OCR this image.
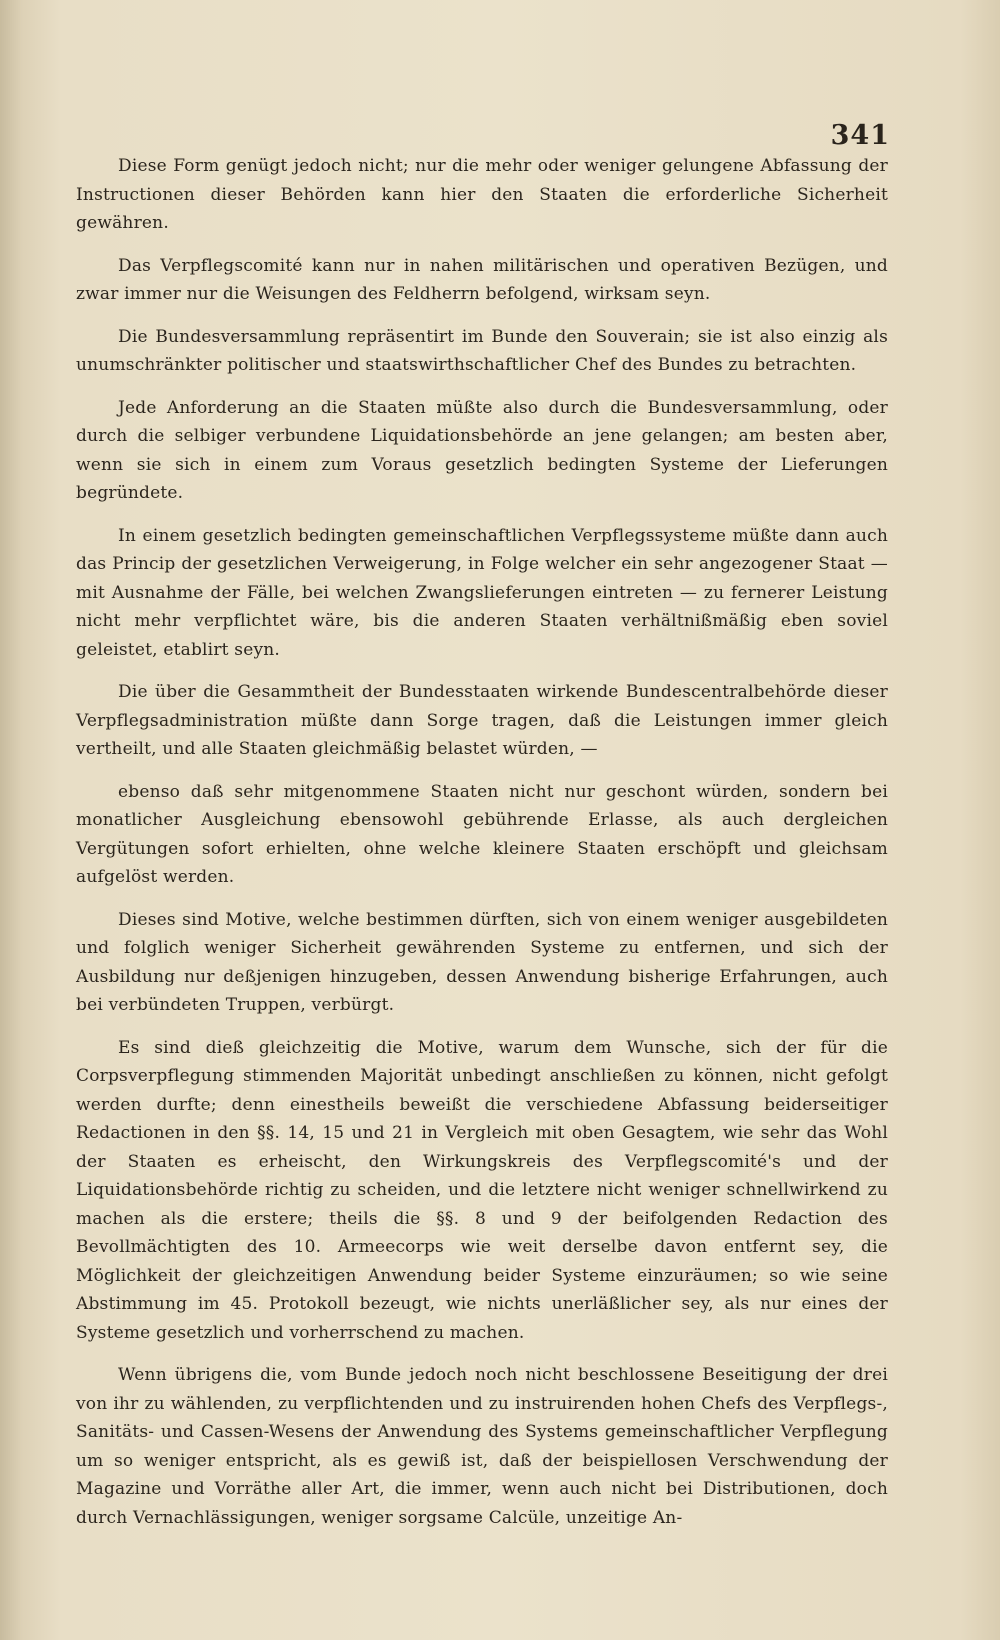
341

Diese Form genügt jedoch nicht; nur die mehr oder weniger gelungene Abfassung der Instructionen dieser Behörden kann hier den Staaten die erforderliche Sicherheit gewähren.

Das Verpflegscomité kann nur in nahen militärischen und operativen Bezügen, und zwar immer nur die Weisungen des Feldherrn befolgend, wirksam seyn.

Die Bundesversammlung repräsentirt im Bunde den Souverain; sie ist also einzig als unumschränkter politischer und staatswirthschaftlicher Chef des Bundes zu betrachten.

Jede Anforderung an die Staaten müßte also durch die Bundesversammlung, oder durch die selbiger verbundene Liquidationsbehörde an jene gelangen; am besten aber, wenn sie sich in einem zum Voraus gesetzlich bedingten Systeme der Lieferungen begründete.

In einem gesetzlich bedingten gemeinschaftlichen Verpflegssysteme müßte dann auch das Princip der gesetzlichen Verweigerung, in Folge welcher ein sehr angezogener Staat — mit Ausnahme der Fälle, bei welchen Zwangslieferungen eintreten — zu fernerer Leistung nicht mehr verpflichtet wäre, bis die anderen Staaten verhältnißmäßig eben soviel geleistet, etablirt seyn.

Die über die Gesammtheit der Bundesstaaten wirkende Bundescentralbehörde dieser Verpflegsadministration müßte dann Sorge tragen, daß die Leistungen immer gleich vertheilt, und alle Staaten gleichmäßig belastet würden, —

ebenso daß sehr mitgenommene Staaten nicht nur geschont würden, sondern bei monatlicher Ausgleichung ebensowohl gebührende Erlasse, als auch dergleichen Vergütungen sofort erhielten, ohne welche kleinere Staaten erschöpft und gleichsam aufgelöst werden.

Dieses sind Motive, welche bestimmen dürften, sich von einem weniger ausgebildeten und folglich weniger Sicherheit gewährenden Systeme zu entfernen, und sich der Ausbildung nur deßjenigen hinzugeben, dessen Anwendung bisherige Erfahrungen, auch bei verbündeten Truppen, verbürgt.

Es sind dieß gleichzeitig die Motive, warum dem Wunsche, sich der für die Corpsverpflegung stimmenden Majorität unbedingt anschließen zu können, nicht gefolgt werden durfte; denn einestheils beweißt die verschiedene Abfassung beiderseitiger Redactionen in den §§. 14, 15 und 21 in Vergleich mit oben Gesagtem, wie sehr das Wohl der Staaten es erheischt, den Wirkungskreis des Verpflegscomité's und der Liquidationsbehörde richtig zu scheiden, und die letztere nicht weniger schnellwirkend zu machen als die erstere; theils die §§. 8 und 9 der beifolgenden Redaction des Bevollmächtigten des 10. Armeecorps wie weit derselbe davon entfernt sey, die Möglichkeit der gleichzeitigen Anwendung beider Systeme einzuräumen; so wie seine Abstimmung im 45. Protokoll bezeugt, wie nichts unerläßlicher sey, als nur eines der Systeme gesetzlich und vorherrschend zu machen.

Wenn übrigens die, vom Bunde jedoch noch nicht beschlossene Beseitigung der drei von ihr zu wählenden, zu verpflichtenden und zu instruirenden hohen Chefs des Verpflegs-, Sanitäts- und Cassen-Wesens der Anwendung des Systems gemeinschaftlicher Verpflegung um so weniger entspricht, als es gewiß ist, daß der beispiellosen Verschwendung der Magazine und Vorräthe aller Art, die immer, wenn auch nicht bei Distributionen, doch durch Vernachlässigungen, weniger sorgsame Calcüle, unzeitige An-
